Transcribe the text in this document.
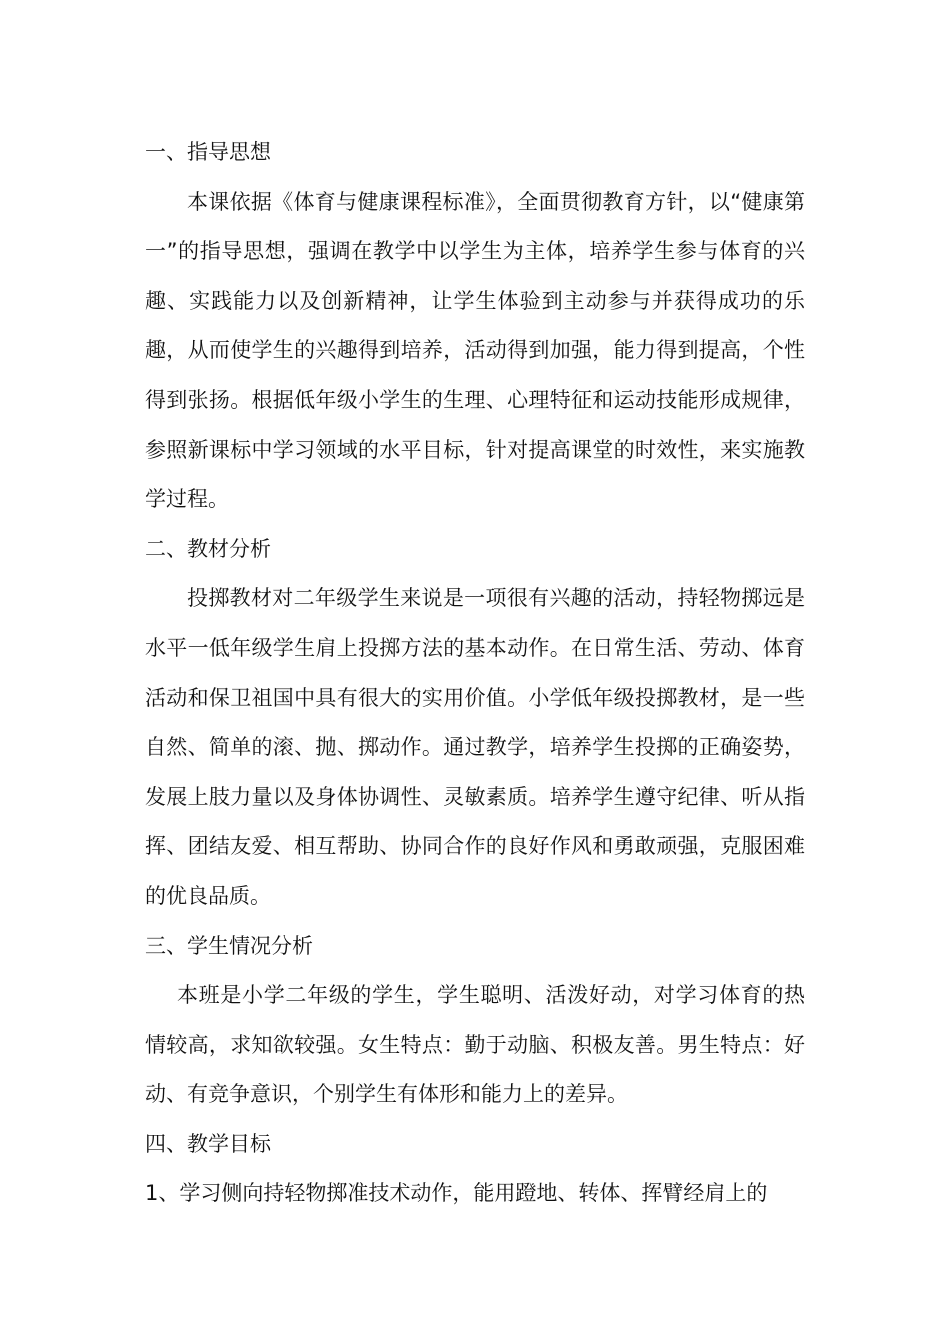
一、指导思想

本课依据《体育与健康课程标准》，全面贯彻教育方针，以“健康第一”的指导思想，强调在教学中以学生为主体，培养学生参与体育的兴趣、实践能力以及创新精神，让学生体验到主动参与并获得成功的乐趣，从而使学生的兴趣得到培养，活动得到加强，能力得到提高，个性得到张扬。根据低年级小学生的生理、心理特征和运动技能形成规律，参照新课标中学习领域的水平目标，针对提高课堂的时效性，来实施教学过程。

二、教材分析

投掷教材对二年级学生来说是一项很有兴趣的活动，持轻物掷远是水平一低年级学生肩上投掷方法的基本动作。在日常生活、劳动、体育活动和保卫祖国中具有很大的实用价值。小学低年级投掷教材，是一些自然、简单的滚、抛、掷动作。通过教学，培养学生投掷的正确姿势，发展上肢力量以及身体协调性、灵敏素质。培养学生遵守纪律、听从指挥、团结友爱、相互帮助、协同合作的良好作风和勇敢顽强，克服困难的优良品质。

三、学生情况分析

本班是小学二年级的学生，学生聪明、活泼好动，对学习体育的热情较高，求知欲较强。女生特点：勤于动脑、积极友善。男生特点：好动、有竞争意识，个别学生有体形和能力上的差异。

四、教学目标

1、学习侧向持轻物掷准技术动作，能用蹬地、转体、挥臂经肩上的
